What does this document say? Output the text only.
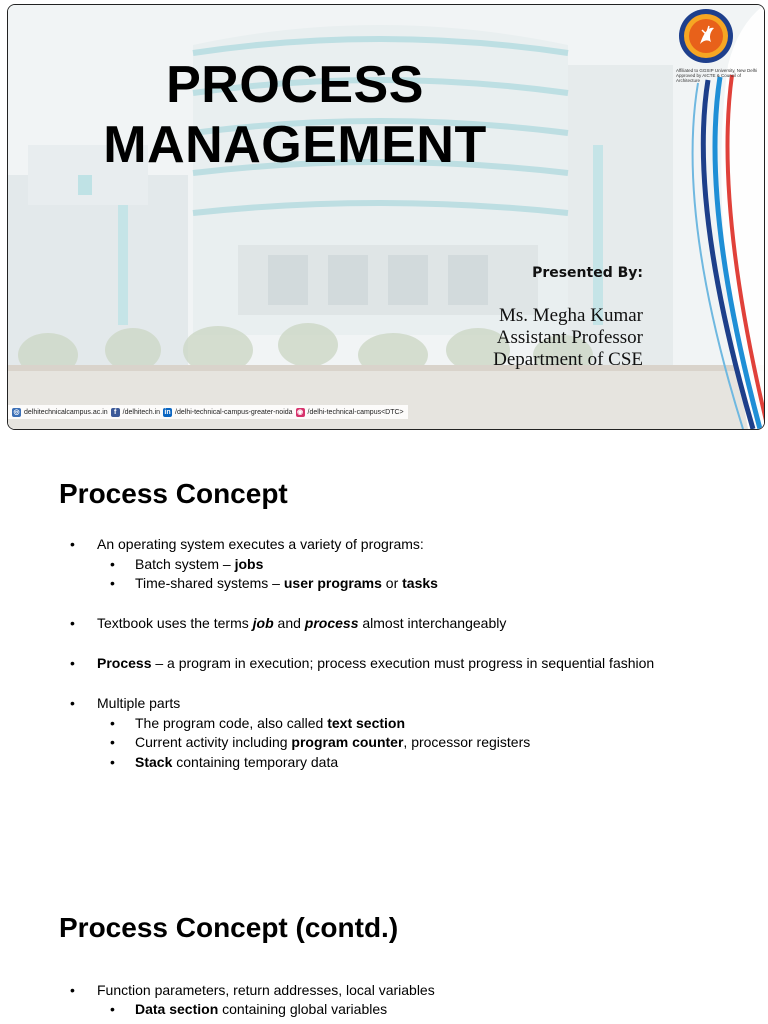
PROCESS
MANAGEMENT
Presented By:
Ms. Megha Kumar
Assistant Professor
Department of CSE
Affiliated to GGSIP University, New Delhi
Approved by AICTE & Council of Architecture
◎ delhitechnicalcampus.ac.in f /delhitech.in in /delhi-technical-campus-greater-noida ◉ /delhi-technical-campus<DTC>
Process Concept
• An operating system executes a variety of programs:
• Batch system – jobs
• Time-shared systems – user programs or tasks
• Textbook uses the terms job and process almost interchangeably
• Process – a program in execution; process execution must progress in sequential fashion
• Multiple parts
• The program code, also called text section
• Current activity including program counter, processor registers
• Stack containing temporary data
Process Concept (contd.)
• Function parameters, return addresses, local variables
• Data section containing global variables
